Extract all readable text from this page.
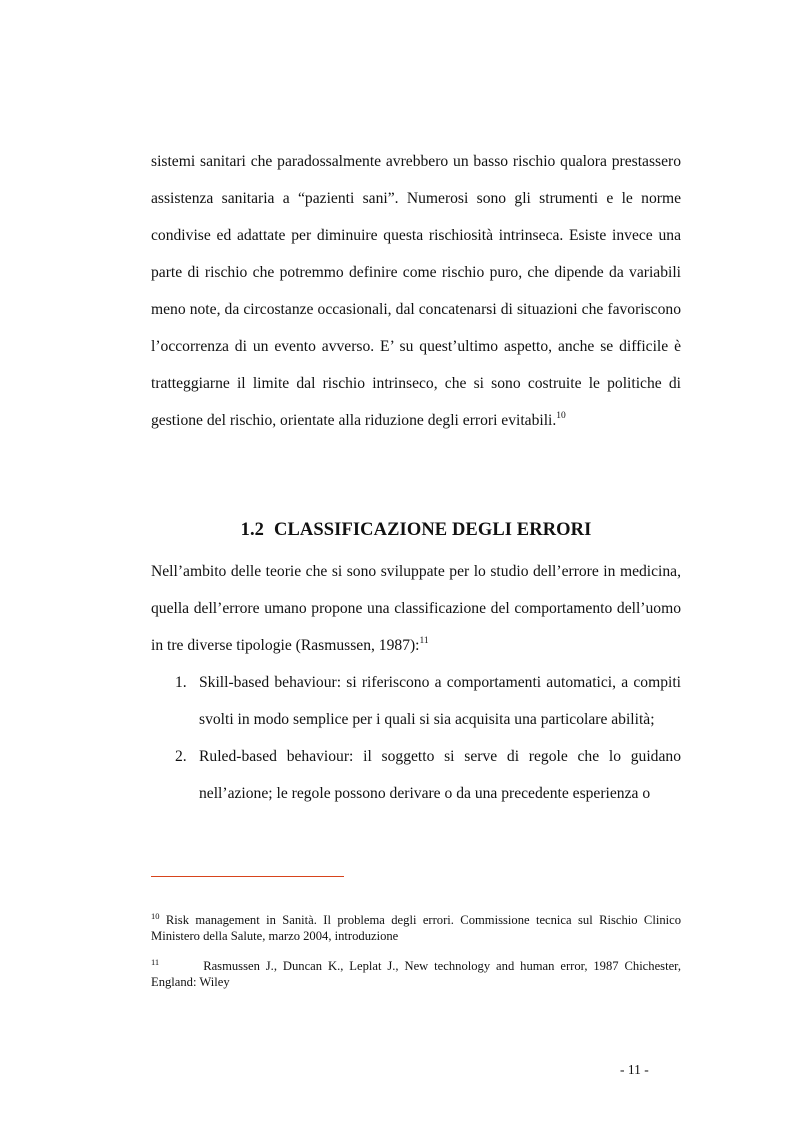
sistemi sanitari che paradossalmente avrebbero un basso rischio qualora prestassero assistenza sanitaria a “pazienti sani”. Numerosi sono gli strumenti e le norme condivise ed adattate per diminuire questa rischiosità intrinseca. Esiste invece una parte di rischio che potremmo definire come rischio puro, che dipende da variabili meno note, da circostanze occasionali, dal concatenarsi di situazioni che favoriscono l’occorrenza di un evento avverso. E’ su quest’ultimo aspetto, anche se difficile è tratteggiarne il limite dal rischio intrinseco, che si sono costruite le politiche di gestione del rischio, orientate alla riduzione degli errori evitabili.$^{10}$

1.2 CLASSIFICAZIONE DEGLI ERRORI

Nell’ambito delle teorie che si sono sviluppate per lo studio dell’errore in medicina, quella dell’errore umano propone una classificazione del comportamento dell’uomo in tre diverse tipologie (Rasmussen, 1987):$^{11}$

1. Skill-based behaviour: si riferiscono a comportamenti automatici, a compiti svolti in modo semplice per i quali si sia acquisita una particolare abilità;
2. Ruled-based behaviour: il soggetto si serve di regole che lo guidano nell’azione; le regole possono derivare o da una precedente esperienza o
$^{10}$ Risk management in Sanità. Il problema degli errori. Commissione tecnica sul Rischio Clinico Ministero della Salute, marzo 2004, introduzione
$^{11}$	Rasmussen J., Duncan K., Leplat J., New technology and human error, 1987 Chichester, England: Wiley
- 11 -
